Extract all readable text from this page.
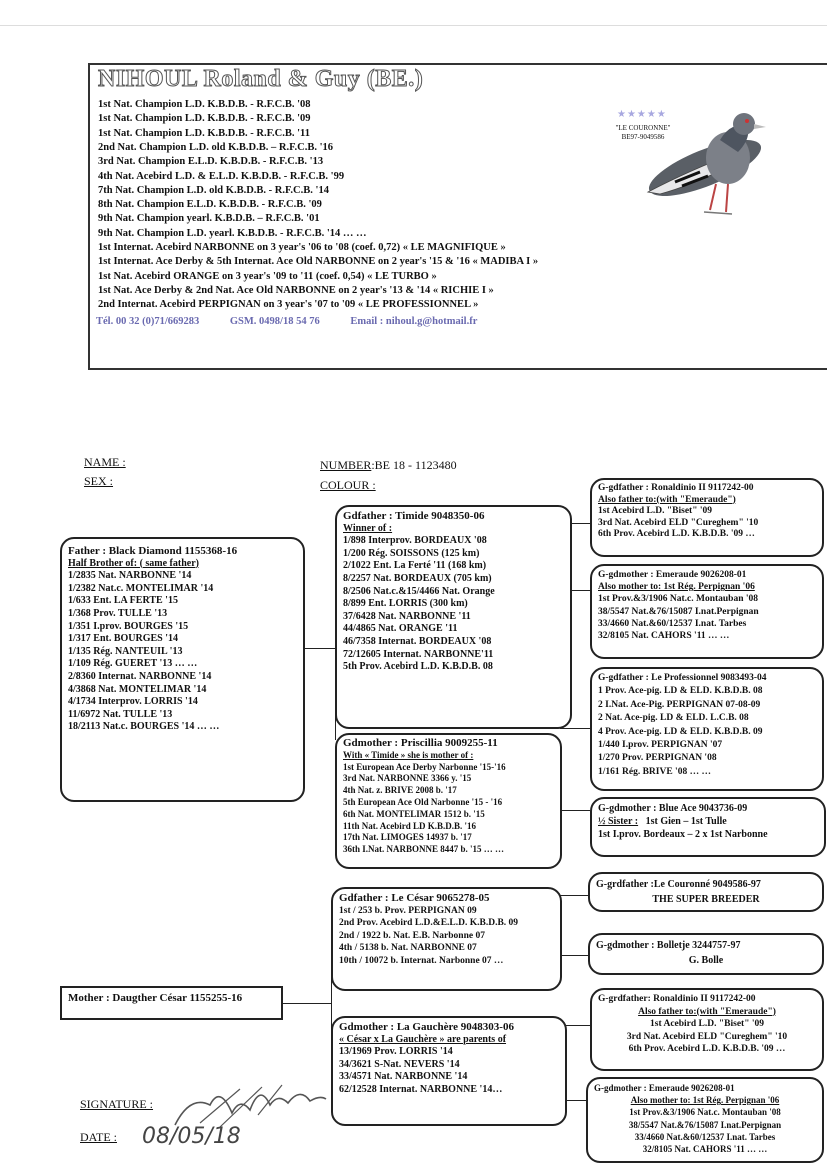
NIHOUL Roland & Guy (BE.)
1st Nat. Champion L.D. K.B.D.B. - R.F.C.B. '08
1st Nat. Champion L.D. K.B.D.B. - R.F.C.B. '09
1st Nat. Champion L.D. K.B.D.B. - R.F.C.B. '11
2nd Nat. Champion L.D. old K.B.D.B. – R.F.C.B. '16
3rd Nat. Champion E.L.D. K.B.D.B. - R.F.C.B. '13
4th Nat. Acebird L.D. & E.L.D. K.B.D.B. - R.F.C.B. '99
7th Nat. Champion L.D. old K.B.D.B. - R.F.C.B. '14
8th Nat. Champion E.L.D. K.B.D.B. - R.F.C.B. '09
9th Nat. Champion yearl. K.B.D.B. – R.F.C.B. '01
9th Nat. Champion L.D. yearl. K.B.D.B. - R.F.C.B. '14 … …
1st Internat. Acebird NARBONNE on 3 year's '06 to '08 (coef. 0,72) « LE MAGNIFIQUE »
1st Internat. Ace Derby & 5th Internat. Ace Old NARBONNE on 2 year's '15 & '16 « MADIBA I »
1st Nat. Acebird ORANGE on 3 year's '09 to '11 (coef. 0,54) « LE TURBO »
1st Nat. Ace Derby & 2nd Nat. Ace Old NARBONNE on 2 year's '13 & '14 « RICHIE I »
2nd Internat. Acebird PERPIGNAN on 3 year's '07 to '09 « LE PROFESSIONNEL »
Tél. 00 32 (0)71/669283	GSM. 0498/18 54 76	Email : nihoul.g@hotmail.fr
★★★★★
"LE COURONNE"
BE97-9049586
NAME :
SEX :
NUMBER:BE 18 - 1123480
COLOUR :
Father : Black Diamond 1155368-16
Half Brother of: ( same father)
1/2835 Nat. NARBONNE '14
1/2382 Nat.c. MONTELIMAR '14
1/633 Ent. LA FERTE '15
1/368 Prov. TULLE '13
1/351 I.prov. BOURGES '15
1/317 Ent. BOURGES '14
1/135 Rég. NANTEUIL '13
1/109 Rég. GUERET '13 … …
2/8360 Internat. NARBONNE '14
4/3868 Nat. MONTELIMAR '14
4/1734 Interprov. LORRIS '14
11/6972 Nat. TULLE '13
18/2113 Nat.c. BOURGES '14 … …
Mother : Daugther César 1155255-16
Gdfather : Timide 9048350-06
Winner of :
1/898 Interprov. BORDEAUX '08
1/200 Rég. SOISSONS (125 km)
2/1022 Ent. La Ferté '11 (168 km)
8/2257 Nat. BORDEAUX (705 km)
8/2506 Nat.c.&15/4466 Nat. Orange
8/899 Ent. LORRIS (300 km)
37/6428 Nat. NARBONNE '11
44/4865 Nat. ORANGE '11
46/7358 Internat. BORDEAUX '08
72/12605 Internat. NARBONNE'11
5th Prov. Acebird L.D. K.B.D.B. 08
Gdmother : Priscillia 9009255-11
With « Timide » she is mother of :
1st European Ace Derby Narbonne '15-'16
3rd Nat. NARBONNE 3366 y. '15
4th Nat. z. BRIVE 2008 b. '17
5th European Ace Old Narbonne '15 - '16
6th Nat. MONTELIMAR 1512 b. '15
11th Nat. Acebird LD K.B.D.B. '16
17th Nat. LIMOGES 14937 b. '17
36th I.Nat. NARBONNE 8447 b. '15 … …
Gdfather : Le César 9065278-05
1st / 253 b. Prov. PERPIGNAN 09
2nd Prov. Acebird L.D.&E.L.D. K.B.D.B. 09
2nd / 1922 b. Nat. E.B. Narbonne 07
4th / 5138 b. Nat. NARBONNE 07
10th / 10072 b. Internat. Narbonne 07 …
Gdmother : La Gauchère 9048303-06
« César x La Gauchère » are parents of
13/1969 Prov. LORRIS '14
34/3621 S-Nat. NEVERS '14
33/4571 Nat. NARBONNE '14
62/12528 Internat. NARBONNE '14…
G-gdfather : Ronaldinio II 9117242-00
Also father to:(with "Emeraude")
1st Acebird L.D. "Biset" '09
3rd Nat. Acebird ELD "Cureghem" '10
6th Prov. Acebird L.D. K.B.D.B. '09 …
G-gdmother : Emeraude 9026208-01
Also mother to: 1st Rég. Perpignan '06
1st Prov.&3/1906 Nat.c. Montauban '08
38/5547 Nat.&76/15087 I.nat.Perpignan
33/4660 Nat.&60/12537 I.nat. Tarbes
32/8105 Nat. CAHORS '11 … …
G-gdfather : Le Professionnel 9083493-04
1 Prov. Ace-pig. LD & ELD. K.B.D.B. 08
2 I.Nat. Ace-Pig. PERPIGNAN 07-08-09
2 Nat. Ace-pig. LD & ELD. L.C.B. 08
4 Prov. Ace-pig. LD & ELD. K.B.D.B. 09
1/440 I.prov. PERPIGNAN '07
1/270 Prov. PERPIGNAN '08
1/161 Rég. BRIVE '08 … …
G-gdmother : Blue Ace 9043736-09
½ Sister : 1st Gien – 1st Tulle
1st I.prov. Bordeaux – 2 x 1st Narbonne
G-grdfather :Le Couronné 9049586-97
THE SUPER BREEDER
G-gdmother : Bolletje 3244757-97
G. Bolle
G-grdfather: Ronaldinio II 9117242-00
Also father to:(with "Emeraude")
1st Acebird L.D. "Biset" '09
3rd Nat. Acebird ELD "Cureghem" '10
6th Prov. Acebird L.D. K.B.D.B. '09 …
G-gdmother : Emeraude 9026208-01
Also mother to: 1st Rég. Perpignan '06
1st Prov.&3/1906 Nat.c. Montauban '08
38/5547 Nat.&76/15087 I.nat.Perpignan
33/4660 Nat.&60/12537 I.nat. Tarbes
32/8105 Nat. CAHORS '11 … …
SIGNATURE :
DATE : 08/05/18
